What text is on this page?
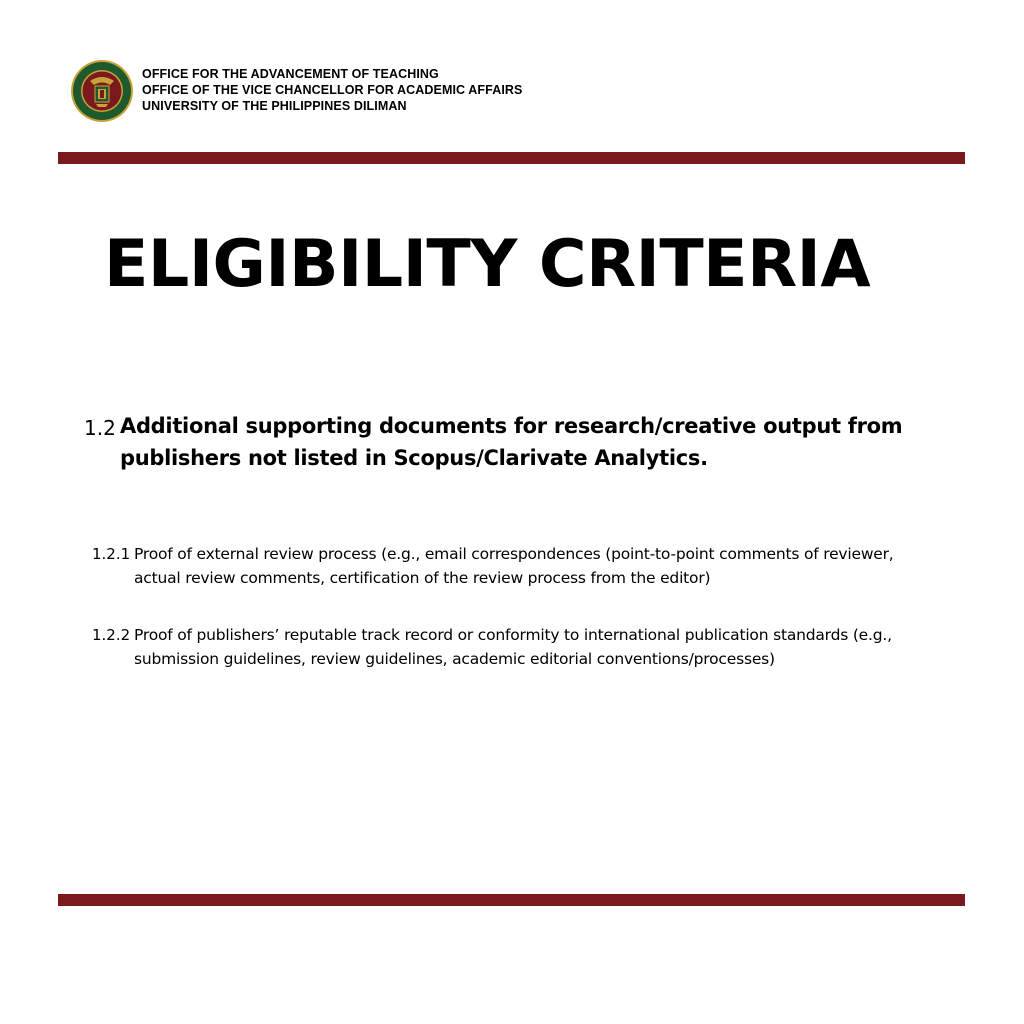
OFFICE FOR THE ADVANCEMENT OF TEACHING
OFFICE OF THE VICE CHANCELLOR FOR ACADEMIC AFFAIRS
UNIVERSITY OF THE PHILIPPINES DILIMAN
ELIGIBILITY CRITERIA
1.2 Additional supporting documents for research/creative output from publishers not listed in Scopus/Clarivate Analytics.
1.2.1 Proof of external review process (e.g., email correspondences (point-to-point comments of reviewer, actual review comments, certification of the review process from the editor)
1.2.2 Proof of publishers’ reputable track record or conformity to international publication standards (e.g., submission guidelines, review guidelines, academic editorial conventions/processes)
